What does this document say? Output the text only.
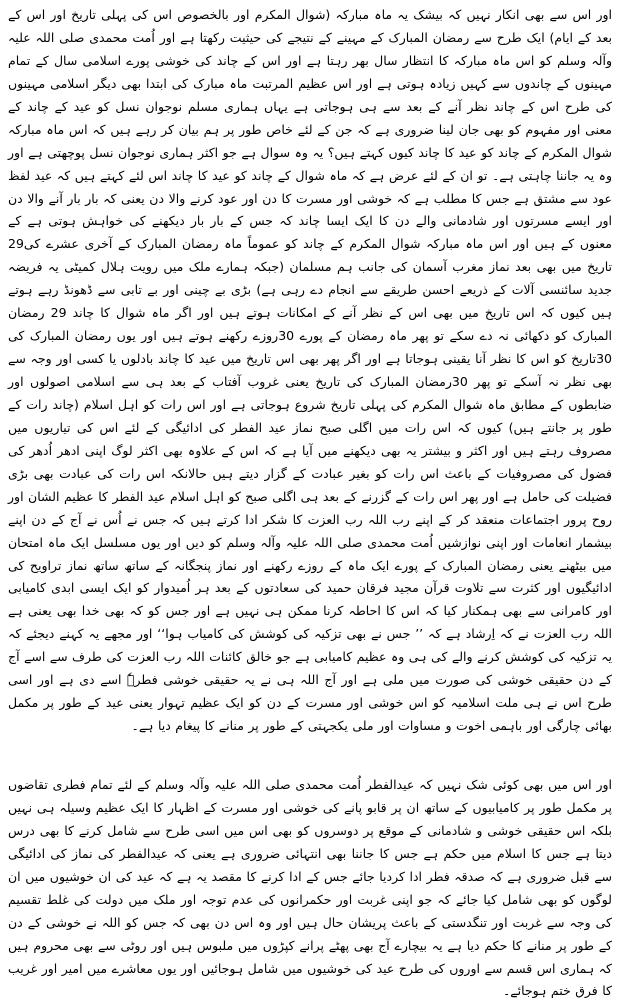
اور اس سے بھی انکار نہیں کہ بیشک یہ ماہ مبارکہ (شوال المکرم اور بالخصوص اس کی پہلی تاریخ اور اس کے بعد کے ایام) ایک طرح سے رمضان المبارک کے مہینے کے نتیجے کی حیثیت رکھتا ہے اور اُمت محمدی صلی اللہ علیہ وآلہ وسلم کو اس ماہ مبارکہ کا انتظار سال بھر رہتا ہے اور اس کے چاند کی خوشی پورے اسلامی سال کے تمام مہینوں کے چاندوں سے کہیں زیادہ ہوتی ہے اور اس عظیم المرتبت ماہ مبارک کی ابتدا بھی دیگر اسلامی مہینوں کی طرح اس کے چاند نظر آنے کے بعد سے ہی ہوجاتی ہے یہاں ہماری مسلم نوجوان نسل کو عید کے چاند کے معنی اور مفہوم کو بھی جان لینا ضروری ہے کہ جن کے لئے خاص طور پر ہم بیان کر رہے ہیں کہ اس ماہ مبارکہ شوال المکرم کے چاند کو عید کا چاند کیوں کہتے ہیں؟ یہ وہ سوال ہے جو اکثر ہماری نوجوان نسل پوچھتی ہے اور وہ یہ جاننا چاہتی ہے۔ تو ان کے لئے عرض ہے کہ ماہ شوال کے چاند کو عید کا چاند اس لئے کہتے ہیں کہ عید لفظ عود سے مشتق ہے جس کا مطلب ہے کہ خوشی اور مسرت کا دن اور عود کرنے والا دن یعنی کہ بار بار آنے والا دن اور ایسے مسرتوں اور شادمانی والے دن کا ایک ایسا چاند کہ جس کے بار بار دیکھنے کی خواہش ہوتی ہے کے معنوں کے ہیں اور اس ماہ مبارکہ شوال المکرم کے چاند کو عموماً ماہ رمضان المبارک کے آخری عشرے کی29 تاریخ میں بھی بعد نماز مغرب آسمان کی جانب ہم مسلمان (جبکہ ہمارے ملک میں رویت ہلال کمیٹی یہ فریضہ جدید سائنسی آلات کے ذریعے احسن طریقے سے انجام دے رہی ہے) بڑی بے چینی اور بے تابی سے ڈھونڈ رہے ہوتے ہیں کیوں کہ اس تاریخ میں بھی اس کے نظر آنے کے امکانات ہوتے ہیں اور اگر ماہ شوال کا چاند 29 رمضان المبارک کو دکھائی نہ دے سکے تو پھر ماہ رمضان کے پورے 30روزے رکھنے ہوتے ہیں اور یوں رمضان المبارک کی 30تاریخ کو اس کا نظر آنا یقینی ہوجاتا ہے اور اگر پھر بھی اس تاریخ میں عید کا چاند بادلوں یا کسی اور وجہ سے بھی نظر نہ آسکے تو پھر 30رمضان المبارک کی تاریخ یعنی غروب آفتاب کے بعد ہی سے اسلامی اصولوں اور ضابطوں کے مطابق ماہ شوال المکرم کی پہلی تاریخ شروع ہوجاتی ہے اور اس رات کو اہل اسلام (چاند رات کے طور پر جانتے ہیں) کیوں کہ اس رات میں اگلی صبح نماز عید الفطر کی ادائیگی کے لئے اس کی تیاریوں میں مصروف رہتے ہیں اور اکثر و بیشتر یہ بھی دیکھنے میں آیا ہے کہ اس کے علاوہ بھی اکثر لوگ اپنی ادھر اُدھر کی فضول کی مصروفیات کے باعث اس رات کو بغیر عبادت کے گزار دیتے ہیں حالانکہ اس رات کی عبادت بھی بڑی فضیلت کی حامل ہے اور پھر اس رات کے گزرنے کے بعد ہی اگلی صبح کو اہل اسلام عید الفطر کا عظیم الشان اور روح پرور اجتماعات منعقد کر کے اپنے رب اللہ رب العزت کا شکر ادا کرتے ہیں کہ جس نے اُس نے آج کے دن اپنے بیشمار انعامات اور اپنی نوازشیں اُمت محمدی صلی اللہ علیہ وآلہ وسلم کو دیں اور یوں مسلسل ایک ماہ امتحان میں بیٹھنے یعنی رمضان المبارک کے پورے ایک ماہ کے روزے رکھنے اور نماز پنجگانہ کے ساتھ ساتھ نماز تراویح کی ادائیگیوں اور کثرت سے تلاوت قرآن مجید فرقان حمید کی سعادتوں کے بعد ہر اُمیدوار کو ایک ایسی ابدی کامیابی اور کامرانی سے بھی ہمکنار کیا کہ اس کا احاطہ کرنا ممکن ہی نہیں ہے اور جس کو کہ بھی خدا بھی یعنی ہے اللہ رب العزت نے کہ اِرشاد ہے کہ ’’ جس نے بھی تزکیہ کی کوشش کی کامیاب ہوا‘‘ اور مجھے یہ کہنے دیجئے کہ یہ تزکیہ کی کوشش کرنے والے کی ہی وہ عظیم کامیابی ہے جو خالق کائنات اللہ رب العزت کی طرف سے اسے آج کے دن حقیقی خوشی کی صورت میں ملی ہے اور آج اللہ ہی نے یہ حقیقی خوشی فطرہٗ اسے دی ہے اور اسی طرح اس نے ہی ملت اسلامیہ کو اس خوشی اور مسرت کے دن کو ایک عظیم تہوار یعنی عید کے طور پر مکمل بھائی چارگی اور باہمی اخوت و مساوات اور ملی یکجہتی کے طور پر منانے کا پیغام دیا ہے۔

اور اس میں بھی کوئی شک نہیں کہ عیدالفطر اُمت محمدی صلی اللہ علیہ وآلہ وسلم کے لئے تمام فطری تقاضوں پر مکمل طور پر کامیابیوں کے ساتھ ان پر قابو پانے کی خوشی اور مسرت کے اظہار کا ایک عظیم وسیلہ ہی نہیں بلکہ اس حقیقی خوشی و شادمانی کے موقع پر دوسروں کو بھی اس میں اسی طرح سے شامل کرنے کا بھی درس دیتا ہے جس کا اسلام میں حکم ہے جس کا جاننا بھی انتہائی ضروری ہے یعنی کہ عیدالفطر کی نماز کی ادائیگی سے قبل ضروری ہے کہ صدقہ فطر ادا کردیا جائے جس کے ادا کرنے کا مقصد یہ ہے کہ عید کی ان خوشیوں میں ان لوگوں کو بھی شامل کیا جائے کہ جو اپنی غربت اور حکمرانوں کی عدم توجہ اور ملک میں دولت کی غلط تقسیم کی وجہ سے غربت اور تنگدستی کے باعث پریشان حال ہیں اور وہ اس دن بھی کہ جس کو اللہ نے خوشی کے دن کے طور پر منانے کا حکم دیا ہے یہ بیچارے آج بھی پھٹے پرانے کپڑوں میں ملبوس ہیں اور روٹی سے بھی محروم ہیں کہ ہماری اس قسم سے اوروں کی طرح عید کی خوشیوں میں شامل ہوجائیں اور یوں معاشرے میں امیر اور غریب کا فرق ختم ہوجائے۔
